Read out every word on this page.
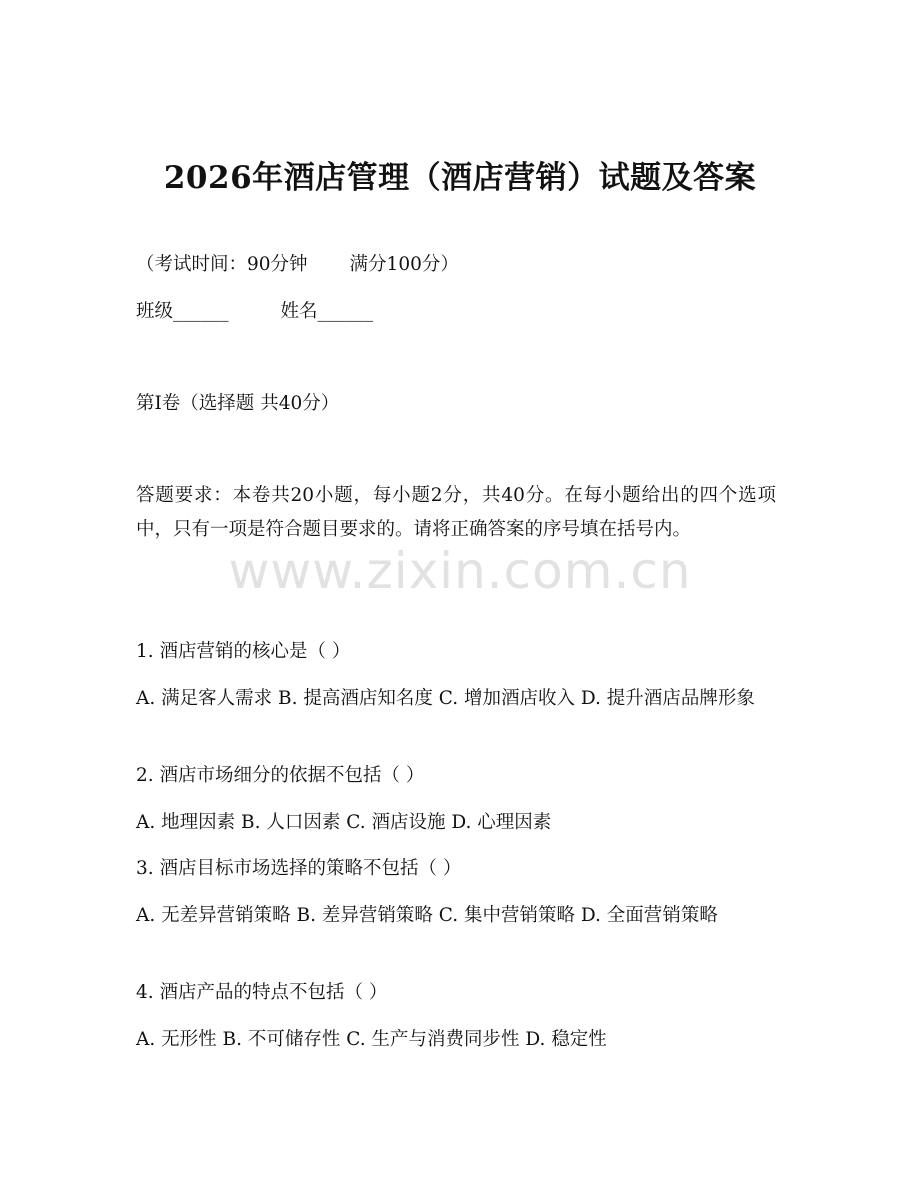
2026年酒店管理（酒店营销）试题及答案
（考试时间：90分钟 满分100分）
班级______	姓名______
第Ⅰ卷（选择题 共40分）
答题要求：本卷共20小题，每小题2分，共40分。在每小题给出的四个选项中，只有一项是符合题目要求的。请将正确答案的序号填在括号内。
1. 酒店营销的核心是（ ）
A. 满足客人需求 B. 提高酒店知名度 C. 增加酒店收入 D. 提升酒店品牌形象
2. 酒店市场细分的依据不包括（ ）
A. 地理因素 B. 人口因素 C. 酒店设施 D. 心理因素
3. 酒店目标市场选择的策略不包括（ ）
A. 无差异营销策略 B. 差异营销策略 C. 集中营销策略 D. 全面营销策略
4. 酒店产品的特点不包括（ ）
A. 无形性 B. 不可储存性 C. 生产与消费同步性 D. 稳定性
www.zixin.com.cn
